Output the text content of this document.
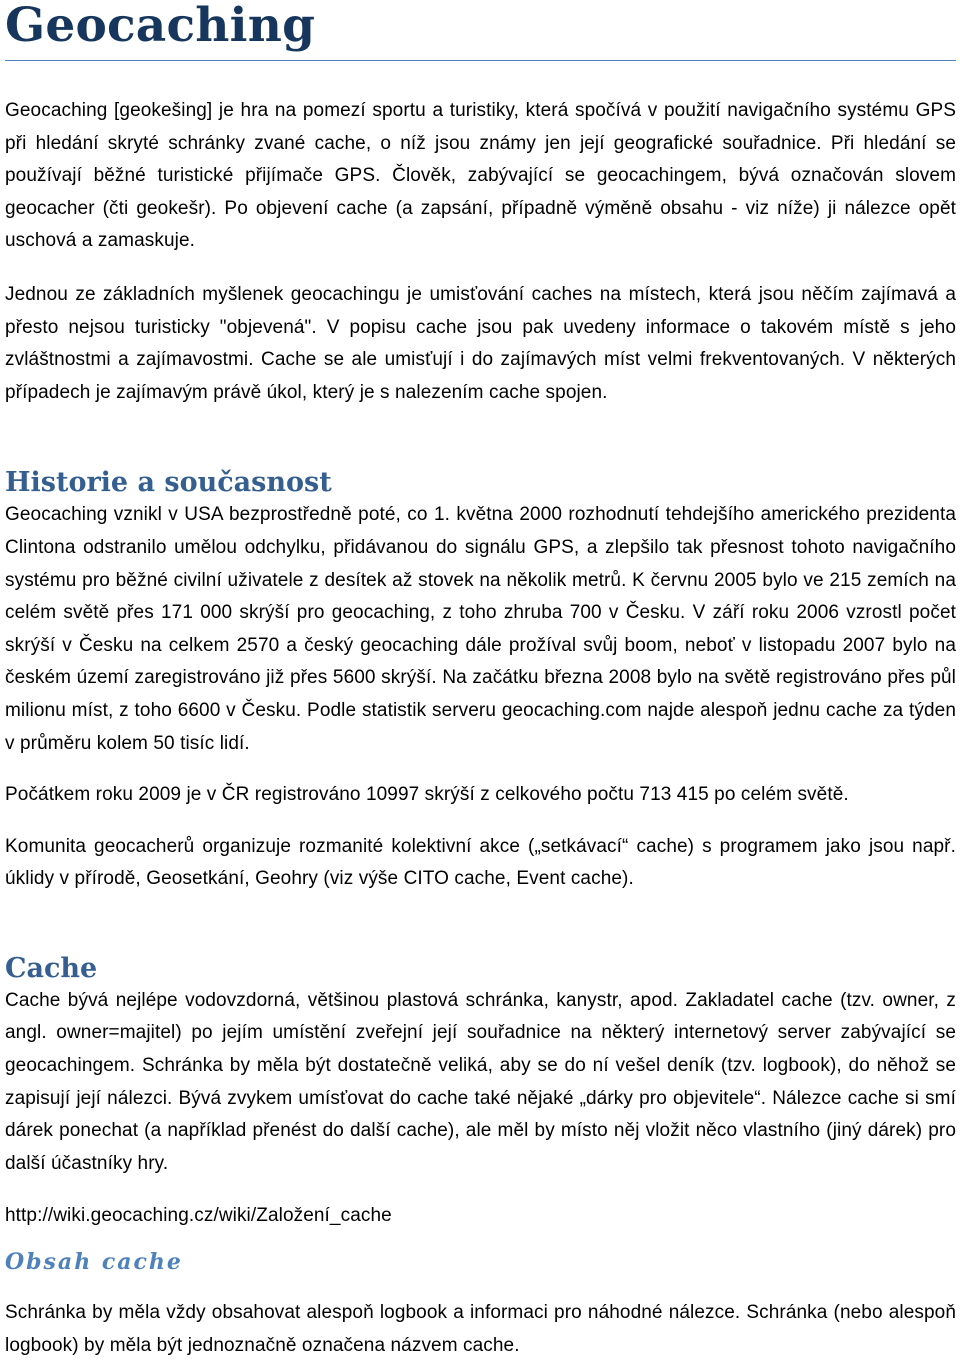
Geocaching

Geocaching [geokešing] je hra na pomezí sportu a turistiky, která spočívá v použití navigačního systému GPS při hledání skryté schránky zvané cache, o níž jsou známy jen její geografické souřadnice. Při hledání se používají běžné turistické přijímače GPS. Člověk, zabývající se geocachingem, bývá označován slovem geocacher (čti geokešr). Po objevení cache (a zapsání, případně výměně obsahu - viz níže) ji nálezce opět uschová a zamaskuje.

Jednou ze základních myšlenek geocachingu je umisťování caches na místech, která jsou něčím zajímavá a přesto nejsou turisticky "objevená". V popisu cache jsou pak uvedeny informace o takovém místě s jeho zvláštnostmi a zajímavostmi. Cache se ale umisťují i do zajímavých míst velmi frekventovaných. V některých případech je zajímavým právě úkol, který je s nalezením cache spojen.

Historie a současnost

Geocaching vznikl v USA bezprostředně poté, co 1. května 2000 rozhodnutí tehdejšího amerického prezidenta Clintona odstranilo umělou odchylku, přidávanou do signálu GPS, a zlepšilo tak přesnost tohoto navigačního systému pro běžné civilní uživatele z desítek až stovek na několik metrů. K červnu 2005 bylo ve 215 zemích na celém světě přes 171 000 skrýší pro geocaching, z toho zhruba 700 v Česku. V září roku 2006 vzrostl počet skrýší v Česku na celkem 2570 a český geocaching dále prožíval svůj boom, neboť v listopadu 2007 bylo na českém území zaregistrováno již přes 5600 skrýší. Na začátku března 2008 bylo na světě registrováno přes půl milionu míst, z toho 6600 v Česku. Podle statistik serveru geocaching.com najde alespoň jednu cache za týden v průměru kolem 50 tisíc lidí.

Počátkem roku 2009 je v ČR registrováno 10997 skrýší z celkového počtu 713 415 po celém světě.

Komunita geocacherů organizuje rozmanité kolektivní akce („setkávací“ cache) s programem jako jsou např. úklidy v přírodě, Geosetkání, Geohry (viz výše CITO cache, Event cache).

Cache

Cache bývá nejlépe vodovzdorná, většinou plastová schránka, kanystr, apod. Zakladatel cache (tzv. owner, z angl. owner=majitel) po jejím umístění zveřejní její souřadnice na některý internetový server zabývající se geocachingem. Schránka by měla být dostatečně veliká, aby se do ní vešel deník (tzv. logbook), do něhož se zapisují její nálezci. Bývá zvykem umísťovat do cache také nějaké „dárky pro objevitele“. Nálezce cache si smí dárek ponechat (a například přenést do další cache), ale měl by místo něj vložit něco vlastního (jiný dárek) pro další účastníky hry.

http://wiki.geocaching.cz/wiki/Založení_cache

Obsah cache

Schránka by měla vždy obsahovat alespoň logbook a informaci pro náhodné nálezce. Schránka (nebo alespoň logbook) by měla být jednoznačně označena názvem cache.
